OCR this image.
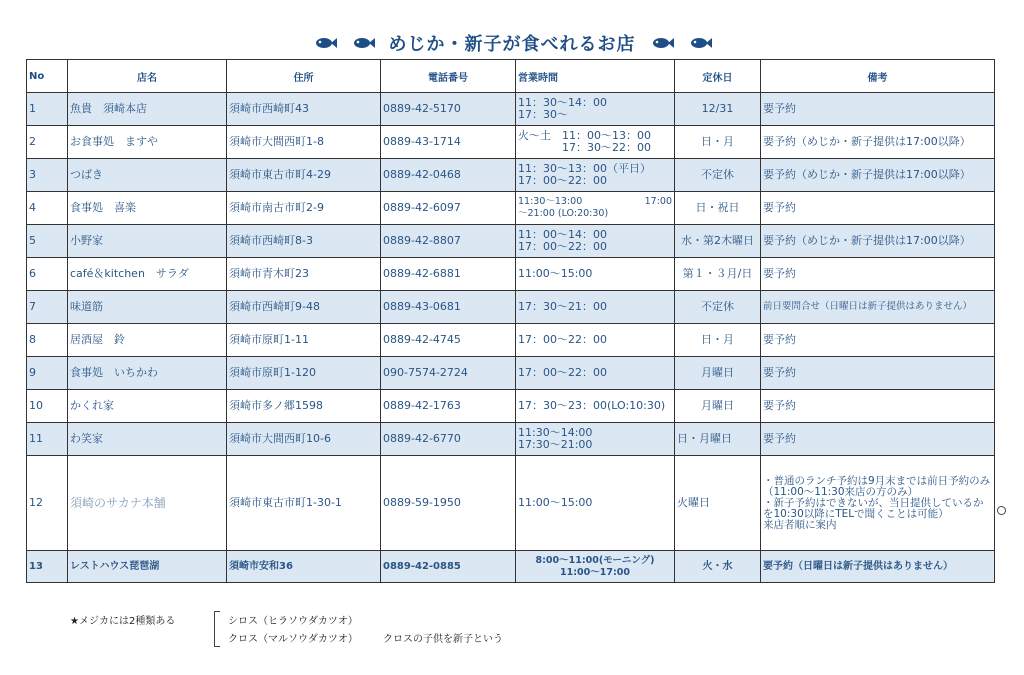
めじか・新子が食べれるお店
No	店名	住所	電話番号	営業時間	定休日	備考
1	魚貴　須崎本店	須崎市西崎町43	0889-42-5170	11：30～14：00
17：30～	12/31	要予約
2	お食事処　ますや	須崎市大間西町1-8	0889-43-1714	火～土　11：00～13：00
　　　　17：30～22：00	日・月	要予約（めじか・新子提供は17:00以降）
3	つばき	須崎市東古市町4-29	0889-42-0468	11：30～13：00（平日）
17：00～22：00	不定休	要予約（めじか・新子提供は17:00以降）
4	食事処　喜楽	須崎市南古市町2-9	0889-42-6097	11:30～13:00 17:00
～21:00 (LO:20:30)	日・祝日	要予約
5	小野家	須崎市西崎町8-3	0889-42-8807	11：00～14：00
17：00～22：00	水・第2木曜日	要予約（めじか・新子提供は17:00以降）
6	café＆kitchen　サラダ	須崎市青木町23	0889-42-6881	11:00～15:00	第１・３月/日	要予約
7	味道筋	須崎市西崎町9-48	0889-43-0681	17：30～21：00	不定休	前日要問合せ（日曜日は新子提供はありません）
8	居酒屋　鈴	須崎市原町1-11	0889-42-4745	17：00～22：00	日・月	要予約
9	食事処　いちかわ	須崎市原町1-120	090-7574-2724	17：00～22：00	月曜日	要予約
10	かくれ家	須崎市多ノ郷1598	0889-42-1763	17：30～23：00(LO:10:30)	月曜日	要予約
11	わ笑家	須崎市大間西町10-6	0889-42-6770	11:30～14:00
17:30～21:00	日・月曜日	要予約
12	須崎のサカナ本舗	須崎市東古市町1-30-1	0889-59-1950	11:00～15:00	火曜日	・普通のランチ予約は9月末までは前日予約のみ（11:00～11:30来店の方のみ）
・新子予約はできないが、当日提供しているかを10:30以降にTELで聞くことは可能）
来店者順に案内

13	レストハウス琵琶湖	須崎市安和36	0889-42-0885	8:00～11:00(モーニング)
11:00～17:00	火・水	要予約（日曜日は新子提供はありません）
★メジカには2種類ある	シロス（ヒラソウダカツオ）
クロス（マルソウダカツオ）	クロスの子供を新子という
